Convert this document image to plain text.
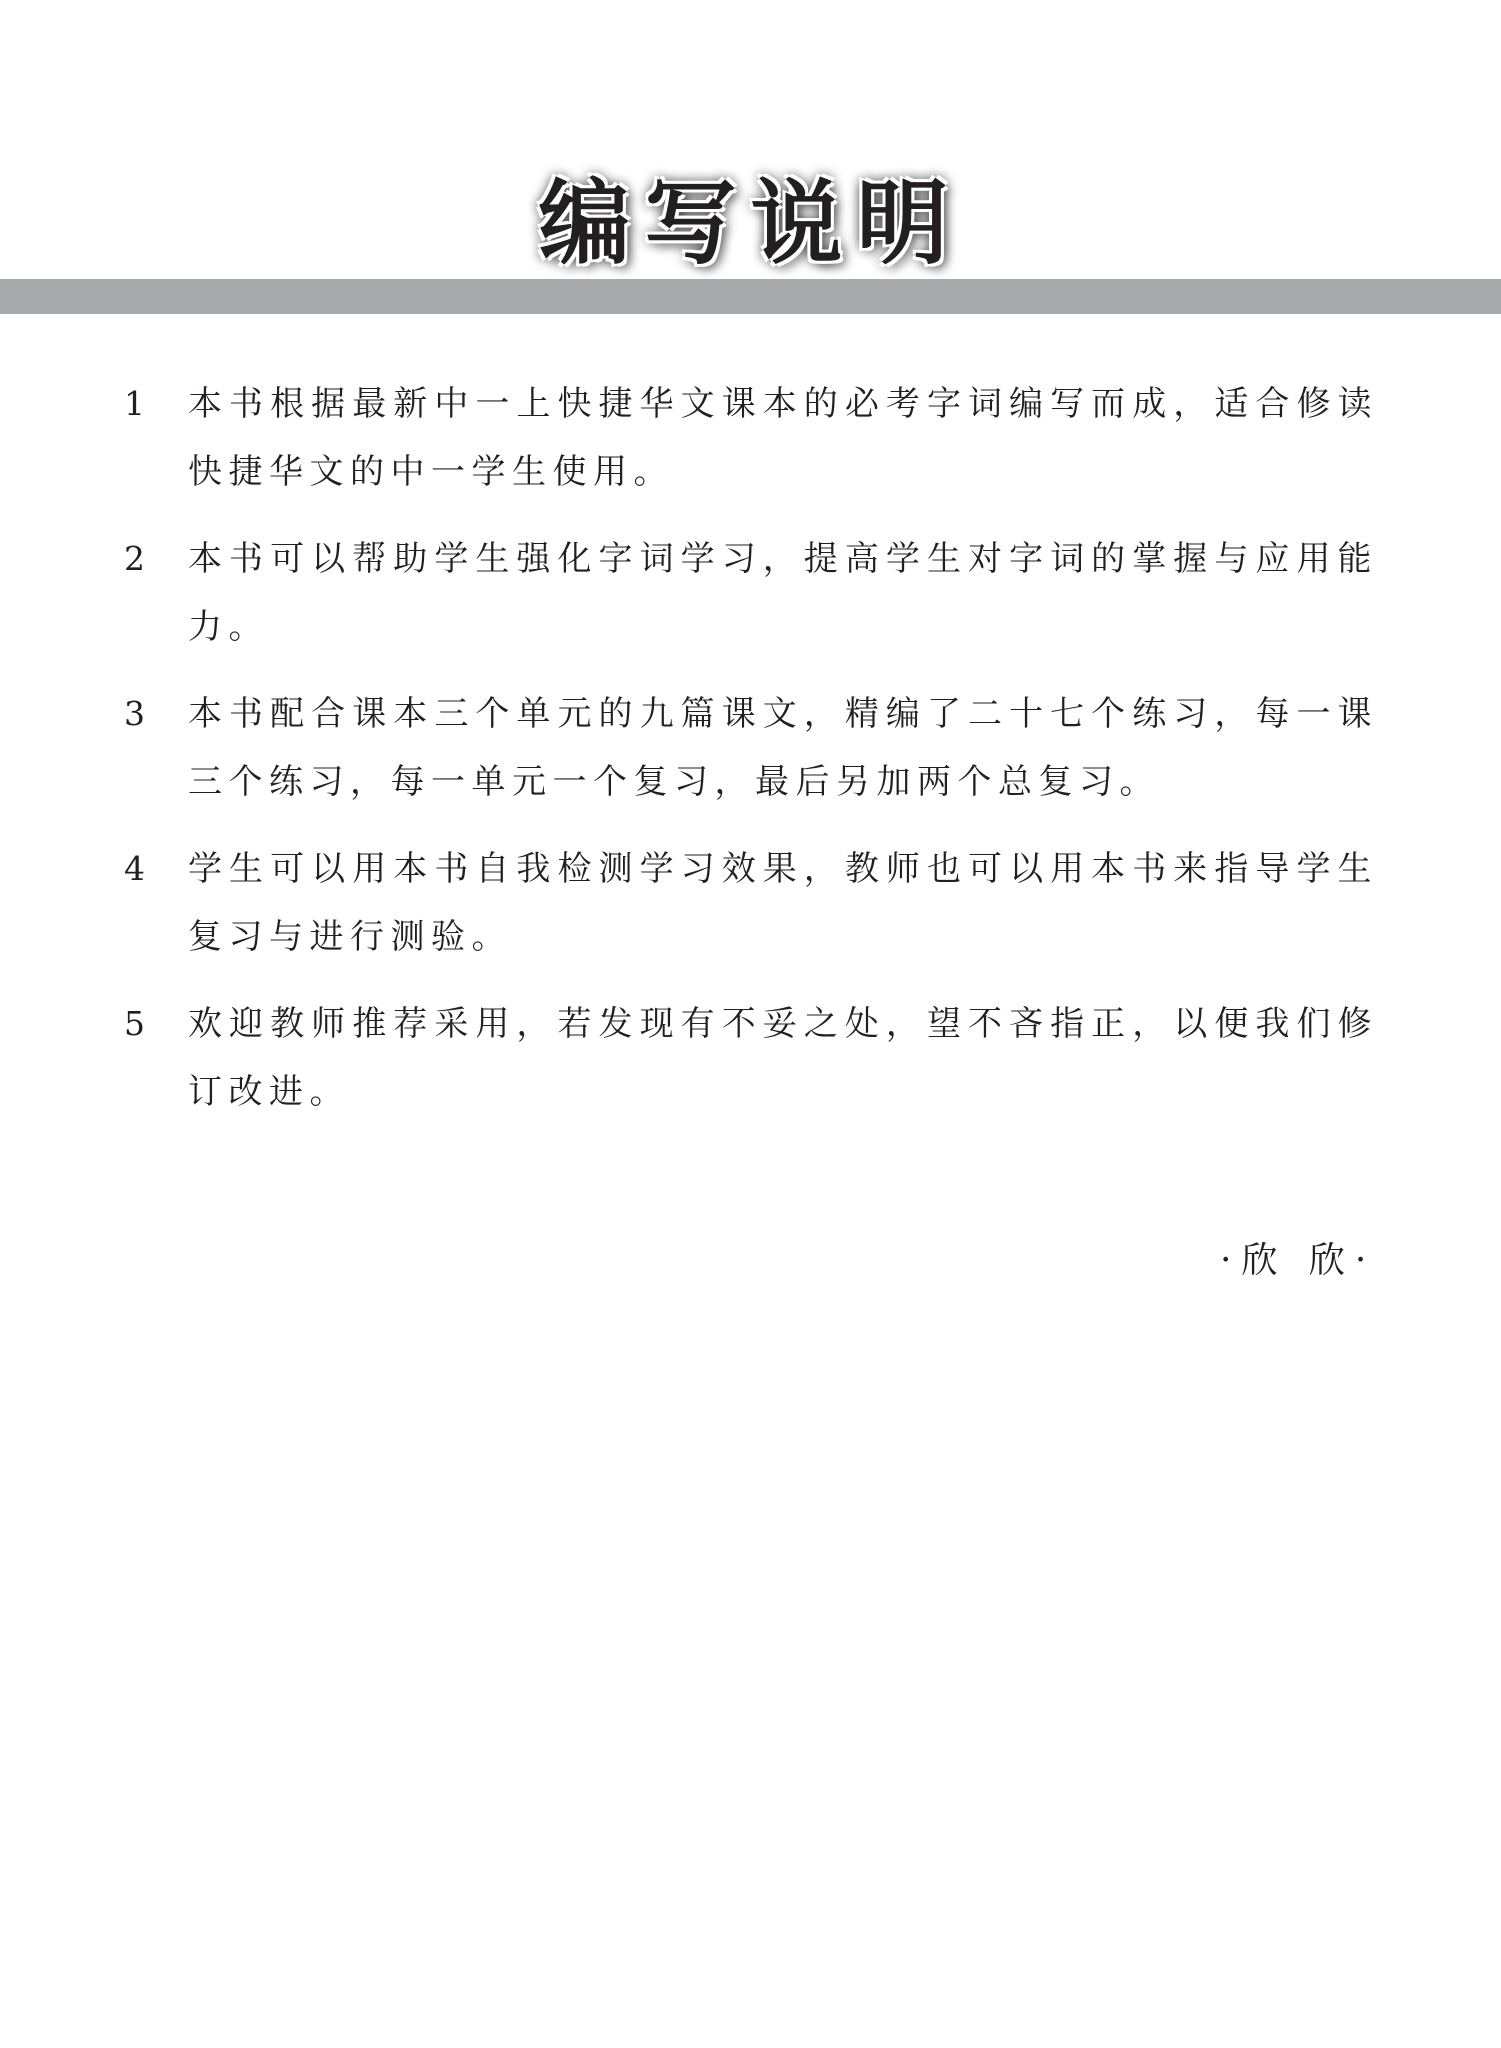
编写说明
1 本书根据最新中一上快捷华文课本的必考字词编写而成，适合修读快捷华文的中一学生使用。
2 本书可以帮助学生强化字词学习，提高学生对字词的掌握与应用能力。
3 本书配合课本三个单元的九篇课文，精编了二十七个练习，每一课三个练习，每一单元一个复习，最后另加两个总复习。
4 学生可以用本书自我检测学习效果，教师也可以用本书来指导学生复习与进行测验。
5 欢迎教师推荐采用，若发现有不妥之处，望不吝指正，以便我们修订改进。
·欣 欣·
